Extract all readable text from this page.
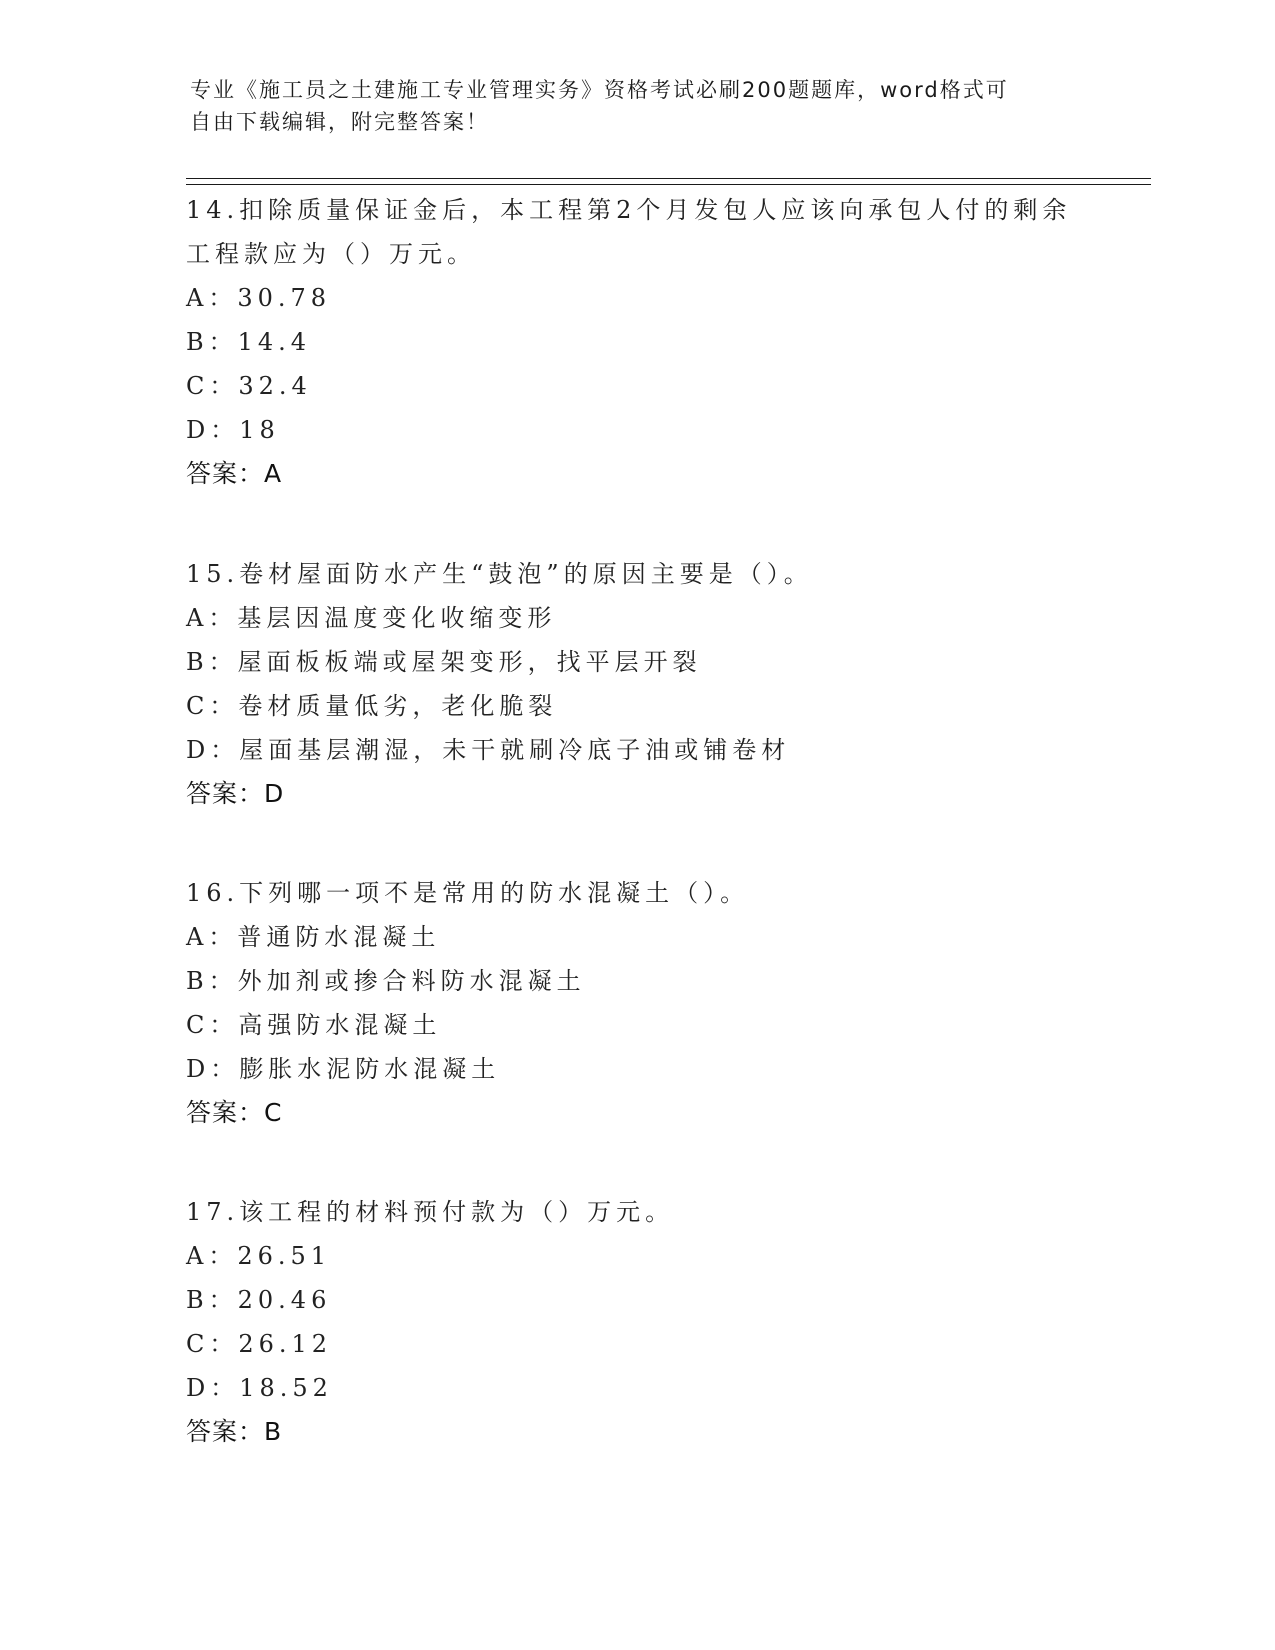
专业《施工员之土建施工专业管理实务》资格考试必刷200题题库，word格式可
自由下载编辑，附完整答案！

14.扣除质量保证金后，本工程第2个月发包人应该向承包人付的剩余

工程款应为（）万元。

A：30.78

B：14.4

C：32.4

D：18

答案：A

15.卷材屋面防水产生“鼓泡”的原因主要是（）。

A：基层因温度变化收缩变形

B：屋面板板端或屋架变形，找平层开裂

C：卷材质量低劣，老化脆裂

D：屋面基层潮湿，未干就刷冷底子油或铺卷材

答案：D

16.下列哪一项不是常用的防水混凝土（）。

A：普通防水混凝土

B：外加剂或掺合料防水混凝土

C：高强防水混凝土

D：膨胀水泥防水混凝土

答案：C

17.该工程的材料预付款为（）万元。

A：26.51

B：20.46

C：26.12

D：18.52

答案：B
